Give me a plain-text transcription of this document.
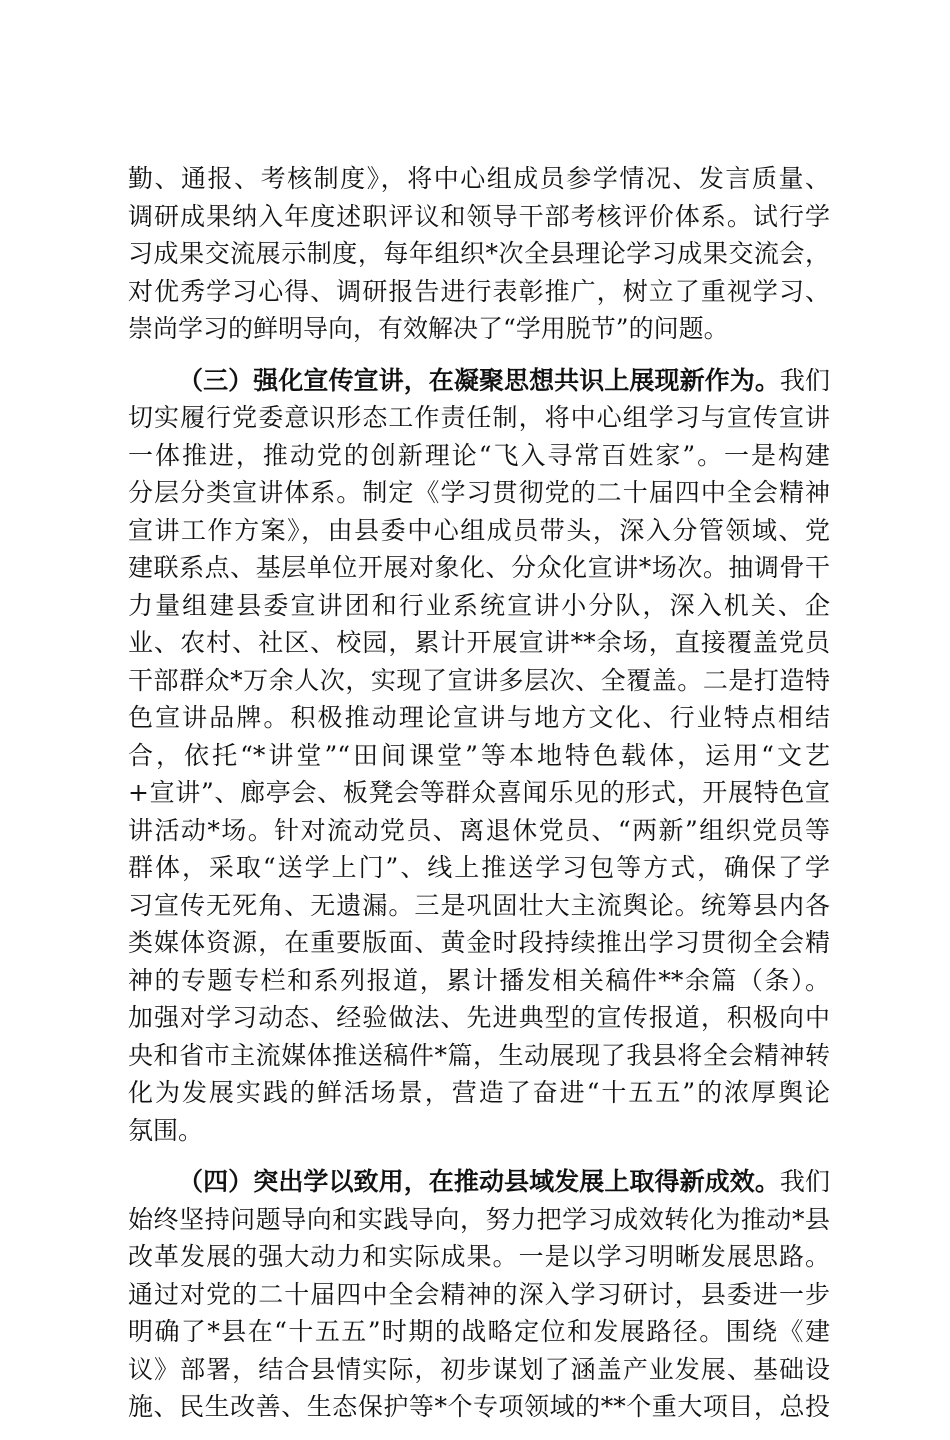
勤、通报、考核制度》，将中心组成员参学情况、发言质量、
调研成果纳入年度述职评议和领导干部考核评价体系。试行学
习成果交流展示制度，每年组织*次全县理论学习成果交流会，
对优秀学习心得、调研报告进行表彰推广，树立了重视学习、
崇尚学习的鲜明导向，有效解决了“学用脱节”的问题。
（三）强化宣传宣讲，在凝聚思想共识上展现新作为。我们
切实履行党委意识形态工作责任制，将中心组学习与宣传宣讲
一体推进，推动党的创新理论“飞入寻常百姓家”。一是构建
分层分类宣讲体系。制定《学习贯彻党的二十届四中全会精神
宣讲工作方案》，由县委中心组成员带头，深入分管领域、党
建联系点、基层单位开展对象化、分众化宣讲*场次。抽调骨干
力量组建县委宣讲团和行业系统宣讲小分队，深入机关、企
业、农村、社区、校园，累计开展宣讲**余场，直接覆盖党员
干部群众*万余人次，实现了宣讲多层次、全覆盖。二是打造特
色宣讲品牌。积极推动理论宣讲与地方文化、行业特点相结
合，依托“*讲堂”“田间课堂”等本地特色载体，运用“文艺
+宣讲”、廊亭会、板凳会等群众喜闻乐见的形式，开展特色宣
讲活动*场。针对流动党员、离退休党员、“两新”组织党员等
群体，采取“送学上门”、线上推送学习包等方式，确保了学
习宣传无死角、无遗漏。三是巩固壮大主流舆论。统筹县内各
类媒体资源，在重要版面、黄金时段持续推出学习贯彻全会精
神的专题专栏和系列报道，累计播发相关稿件**余篇（条）。
加强对学习动态、经验做法、先进典型的宣传报道，积极向中
央和省市主流媒体推送稿件*篇，生动展现了我县将全会精神转
化为发展实践的鲜活场景，营造了奋进“十五五”的浓厚舆论
氛围。
（四）突出学以致用，在推动县域发展上取得新成效。我们
始终坚持问题导向和实践导向，努力把学习成效转化为推动*县
改革发展的强大动力和实际成果。一是以学习明晰发展思路。
通过对党的二十届四中全会精神的深入学习研讨，县委进一步
明确了*县在“十五五”时期的战略定位和发展路径。围绕《建
议》部署，结合县情实际，初步谋划了涵盖产业发展、基础设
施、民生改善、生态保护等*个专项领域的**个重大项目，总投
